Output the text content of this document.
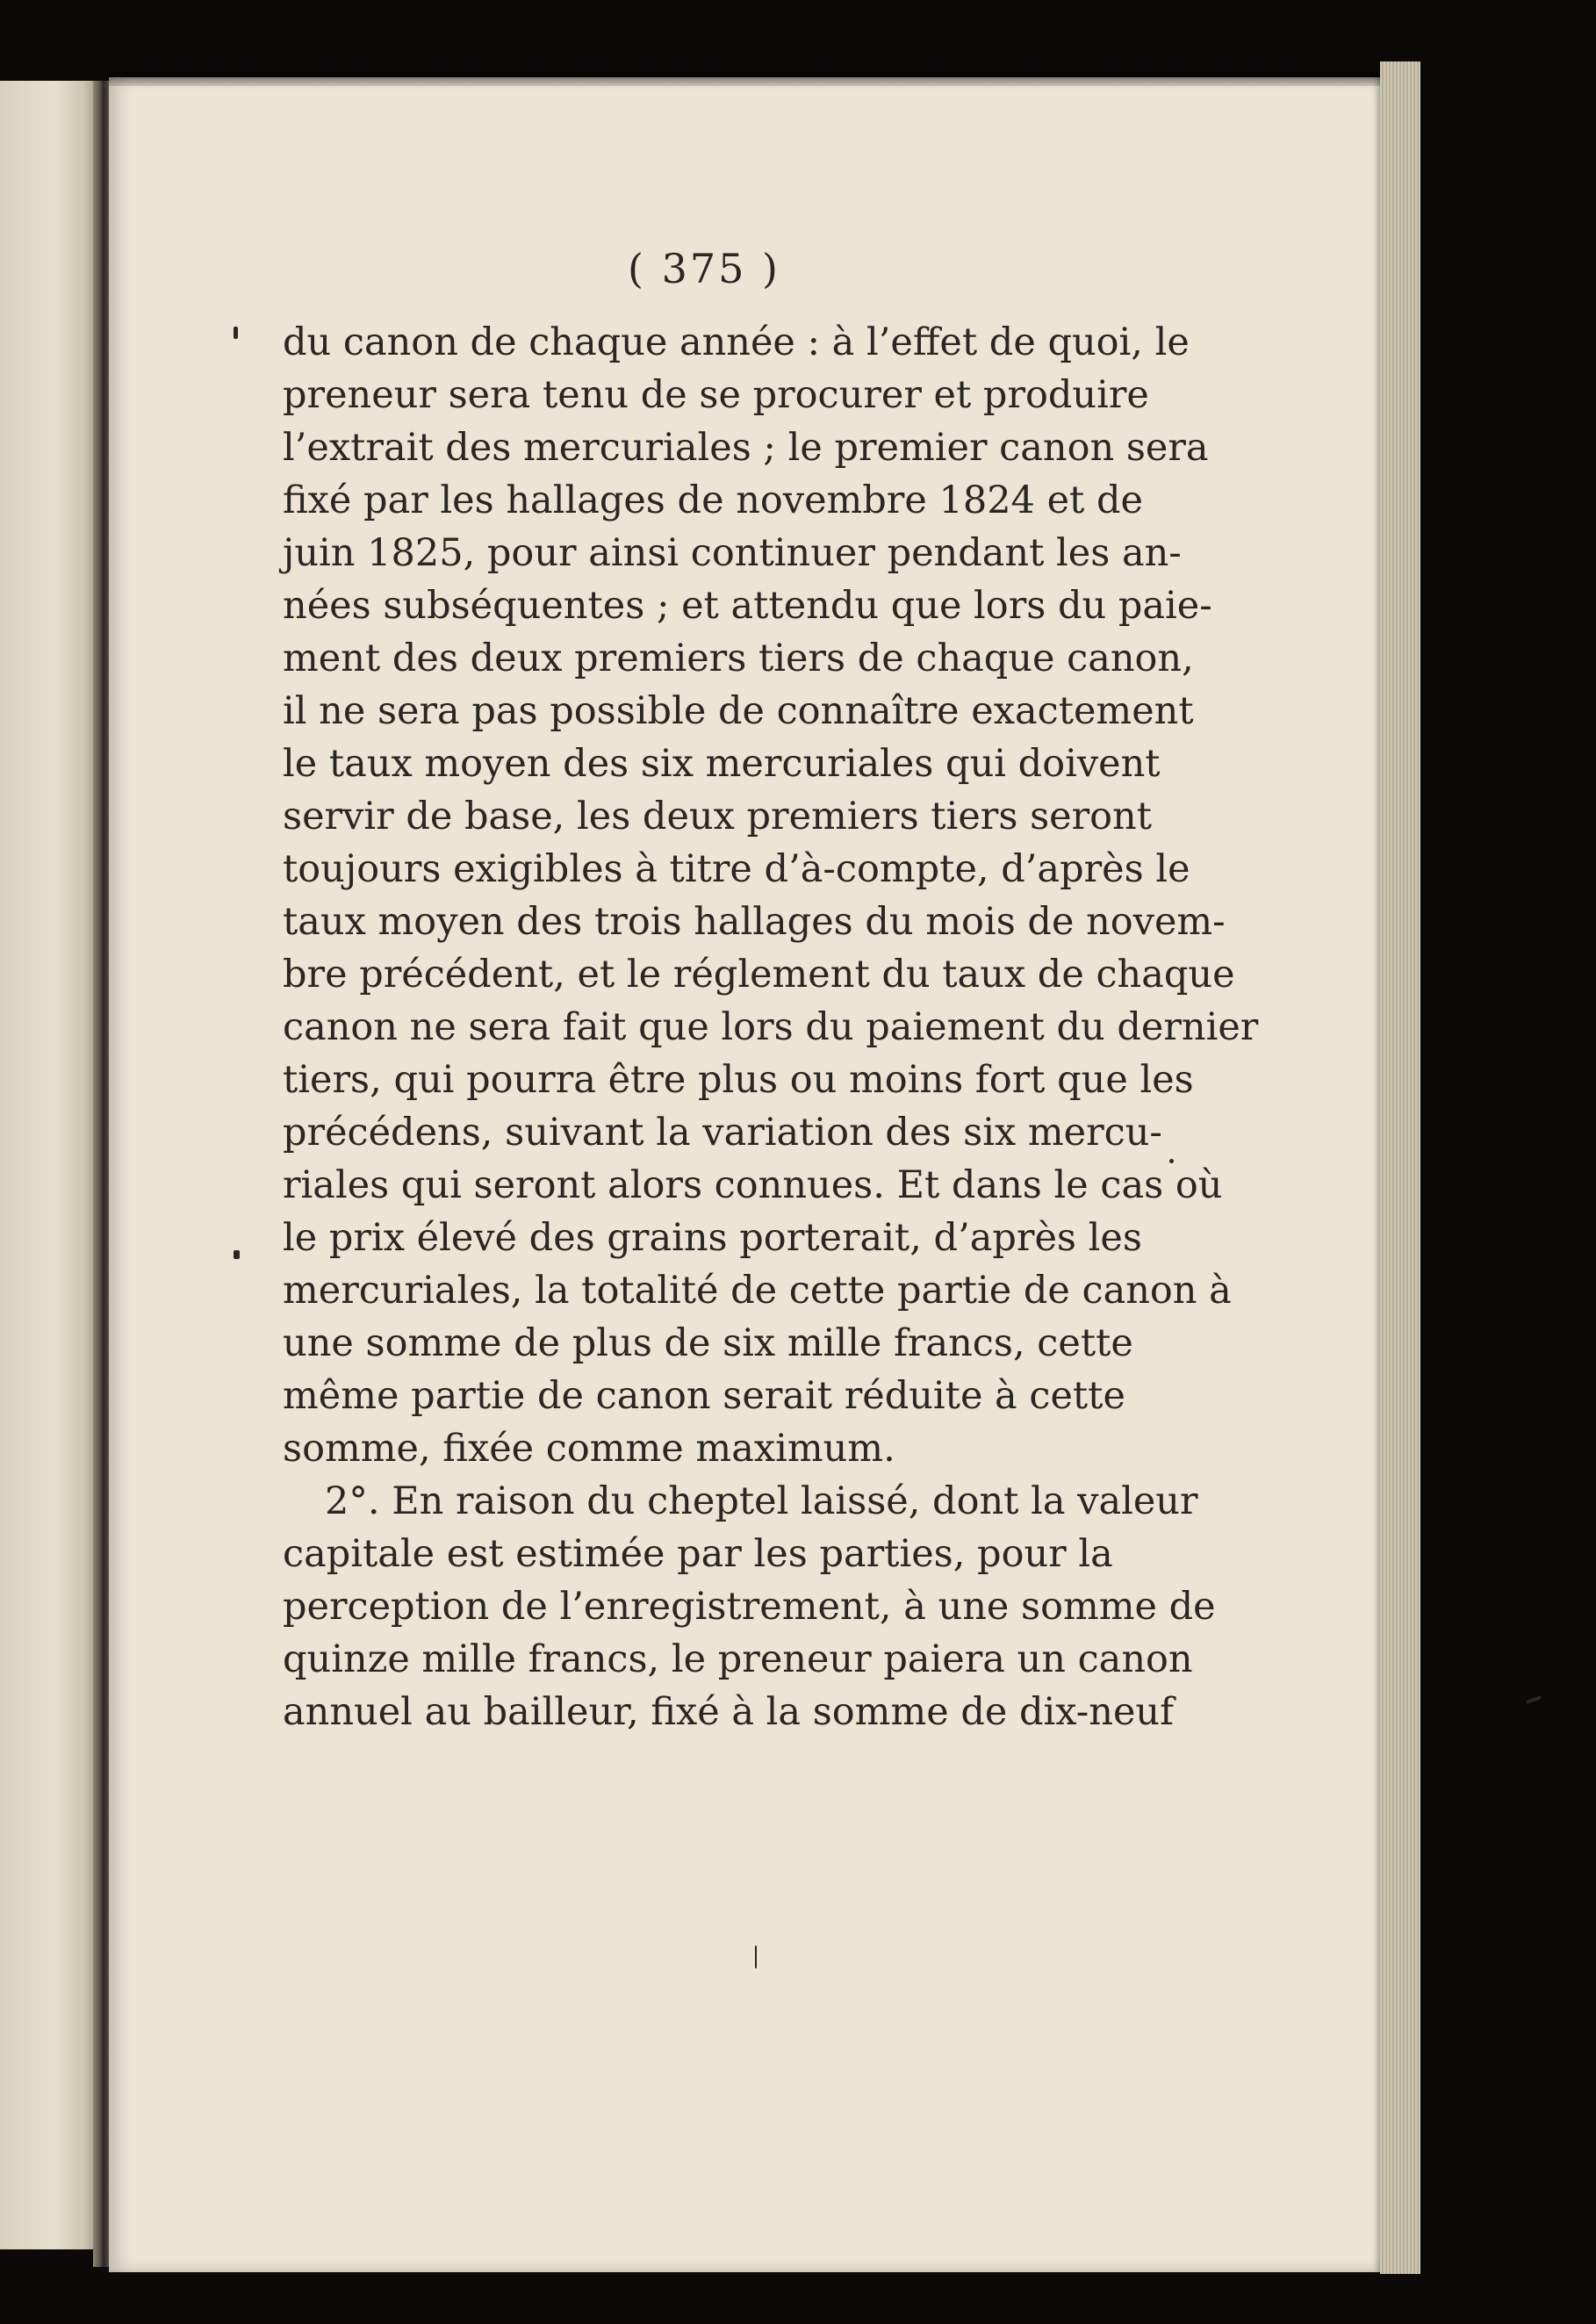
( 375 )
du canon de chaque année : à l’effet de quoi, le
preneur sera tenu de se procurer et produire
l’extrait des mercuriales ; le premier canon sera
fixé par les hallages de novembre 1824 et de
juin 1825, pour ainsi continuer pendant les an-
nées subséquentes ; et attendu que lors du paie-
ment des deux premiers tiers de chaque canon,
il ne sera pas possible de connaître exactement
le taux moyen des six mercuriales qui doivent
servir de base, les deux premiers tiers seront
toujours exigibles à titre d’à-compte, d’après le
taux moyen des trois hallages du mois de novem-
bre précédent, et le réglement du taux de chaque
canon ne sera fait que lors du paiement du dernier
tiers, qui pourra être plus ou moins fort que les
précédens, suivant la variation des six mercu-
riales qui seront alors connues. Et dans le cas où
le prix élevé des grains porterait, d’après les
mercuriales, la totalité de cette partie de canon à
une somme de plus de six mille francs, cette
même partie de canon serait réduite à cette
somme, fixée comme maximum.
2°. En raison du cheptel laissé, dont la valeur
capitale est estimée par les parties, pour la
perception de l’enregistrement, à une somme de
quinze mille francs, le preneur paiera un canon
annuel au bailleur, fixé à la somme de dix-neuf
